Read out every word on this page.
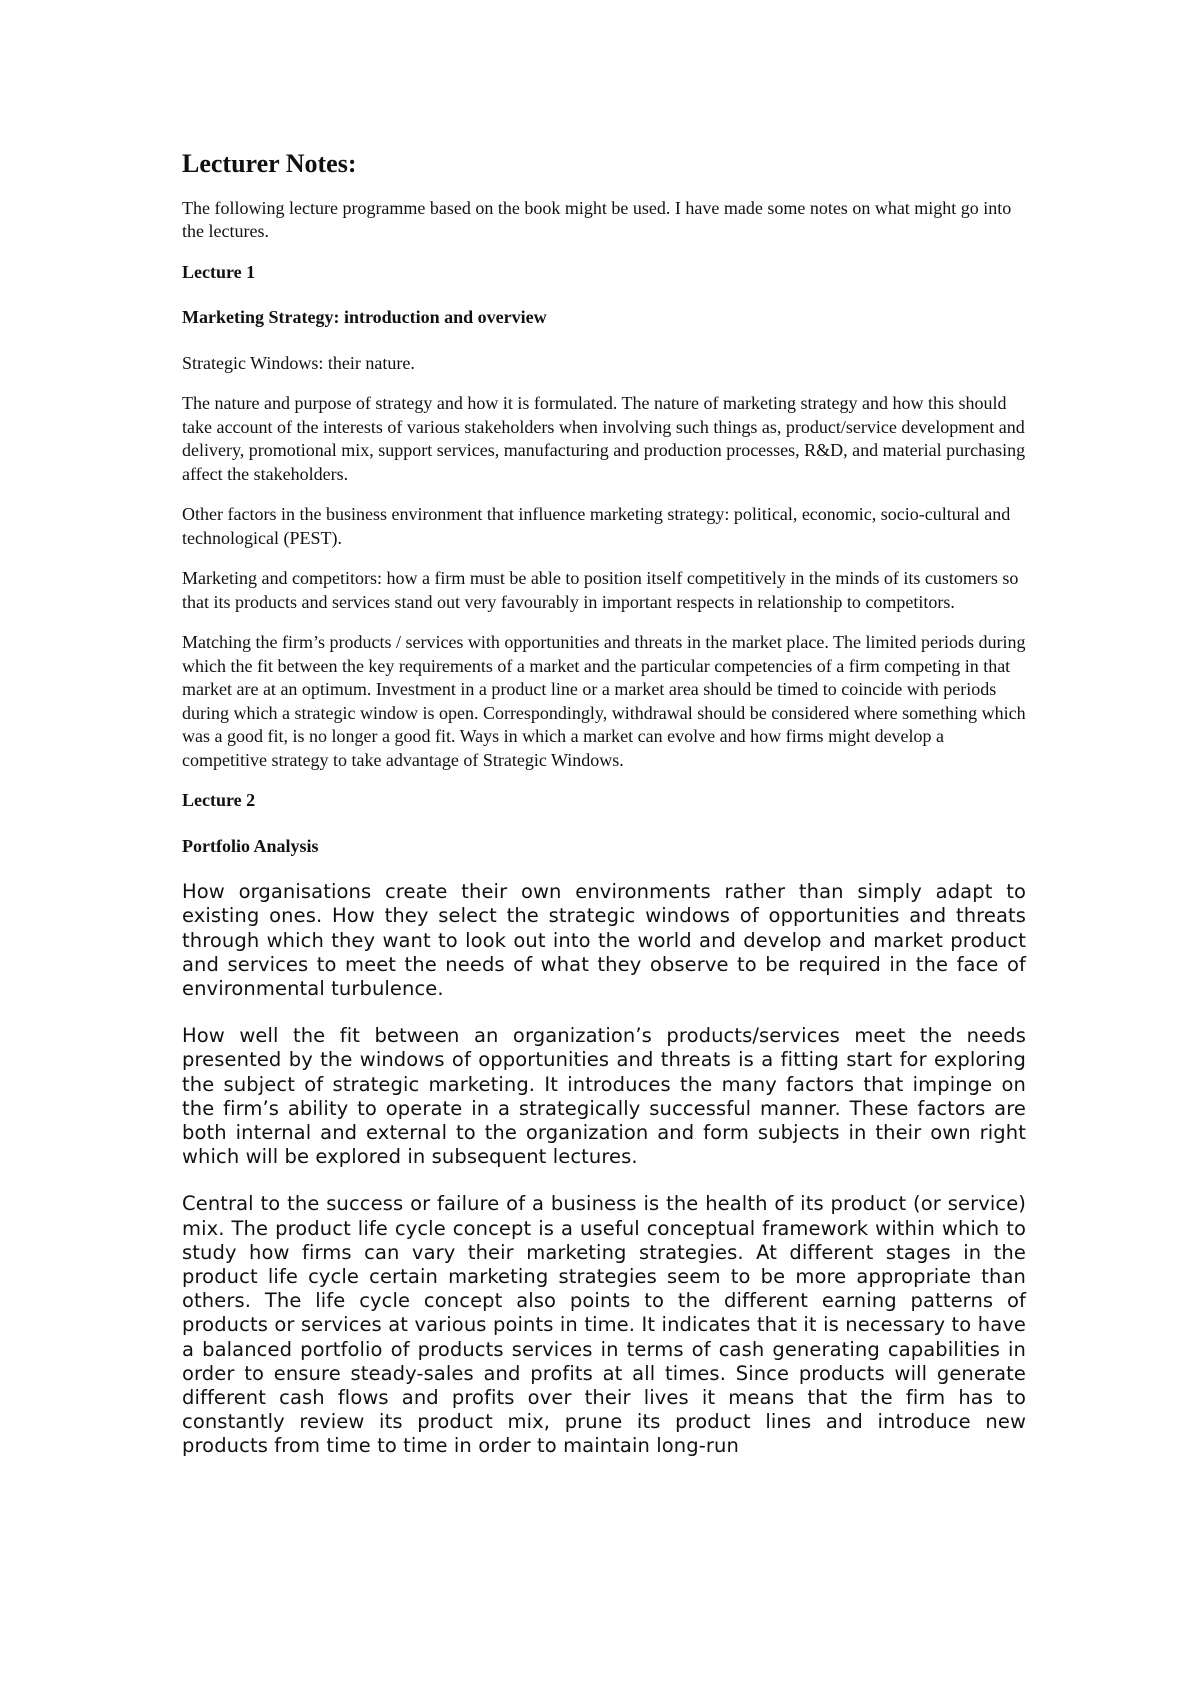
Lecturer Notes:

The following lecture programme based on the book might be used. I have made some notes on what might go into the lectures.

Lecture 1

Marketing Strategy: introduction and overview

Strategic Windows: their nature.

The nature and purpose of strategy and how it is formulated. The nature of marketing strategy and how this should take account of the interests of various stakeholders when involving such things as, product/service development and delivery, promotional mix, support services, manufacturing and production processes, R&D, and material purchasing affect the stakeholders.

Other factors in the business environment that influence marketing strategy: political, economic, socio-cultural and technological (PEST).

Marketing and competitors: how a firm must be able to position itself competitively in the minds of its customers so that its products and services stand out very favourably in important respects in relationship to competitors.

Matching the firm’s products / services with opportunities and threats in the market place. The limited periods during which the fit between the key requirements of a market and the particular competencies of a firm competing in that market are at an optimum. Investment in a product line or a market area should be timed to coincide with periods during which a strategic window is open. Correspondingly, withdrawal should be considered where something which was a good fit, is no longer a good fit. Ways in which a market can evolve and how firms might develop a competitive strategy to take advantage of Strategic Windows.

Lecture 2

Portfolio Analysis

How organisations create their own environments rather than simply adapt to existing ones. How they select the strategic windows of opportunities and threats through which they want to look out into the world and develop and market product and services to meet the needs of what they observe to be required in the face of environmental turbulence.

How well the fit between an organization’s products/services meet the needs presented by the windows of opportunities and threats is a fitting start for exploring the subject of strategic marketing. It introduces the many factors that impinge on the firm’s ability to operate in a strategically successful manner. These factors are both internal and external to the organization and form subjects in their own right which will be explored in subsequent lectures.

Central to the success or failure of a business is the health of its product (or service) mix. The product life cycle concept is a useful conceptual framework within which to study how firms can vary their marketing strategies. At different stages in the product life cycle certain marketing strategies seem to be more appropriate than others. The life cycle concept also points to the different earning patterns of products or services at various points in time. It indicates that it is necessary to have a balanced portfolio of products services in terms of cash generating capabilities in order to ensure steady-sales and profits at all times. Since products will generate different cash flows and profits over their lives it means that the firm has to constantly review its product mix, prune its product lines and introduce new products from time to time in order to maintain long-run
